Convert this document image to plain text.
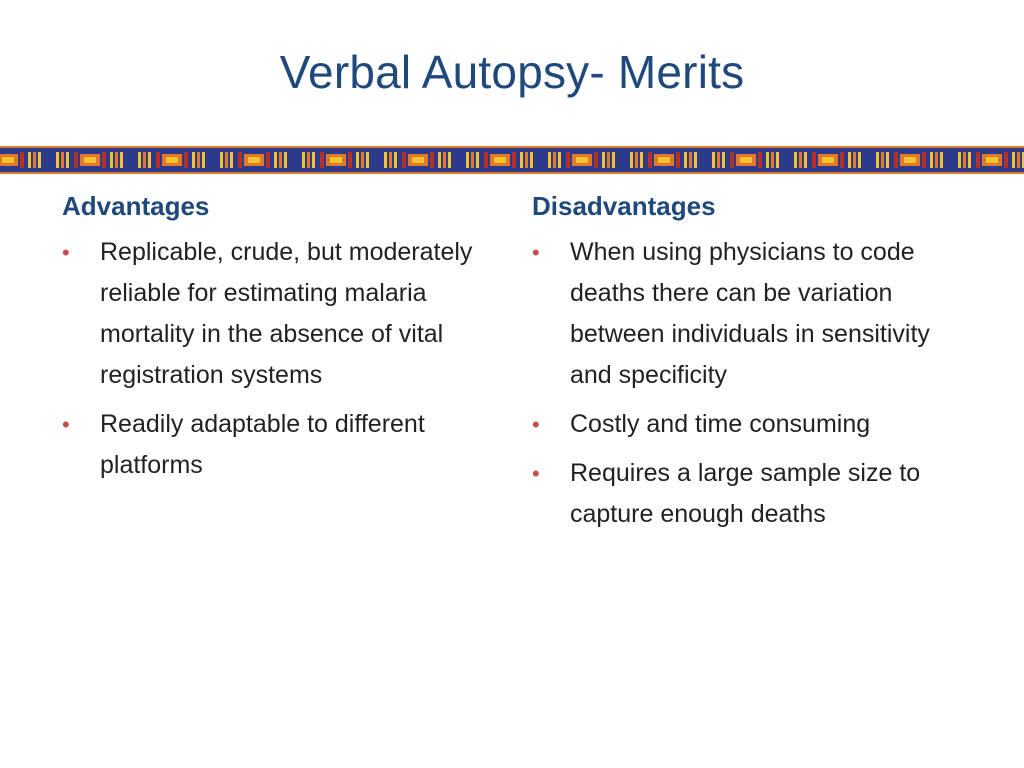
Verbal Autopsy- Merits
Advantages
• Replicable, crude, but moderately reliable for estimating malaria mortality in the absence of vital registration systems
• Readily adaptable to different platforms
Disadvantages
• When using physicians to code deaths there can be variation between individuals in sensitivity and specificity
• Costly and time consuming
• Requires a large sample size to capture enough deaths
